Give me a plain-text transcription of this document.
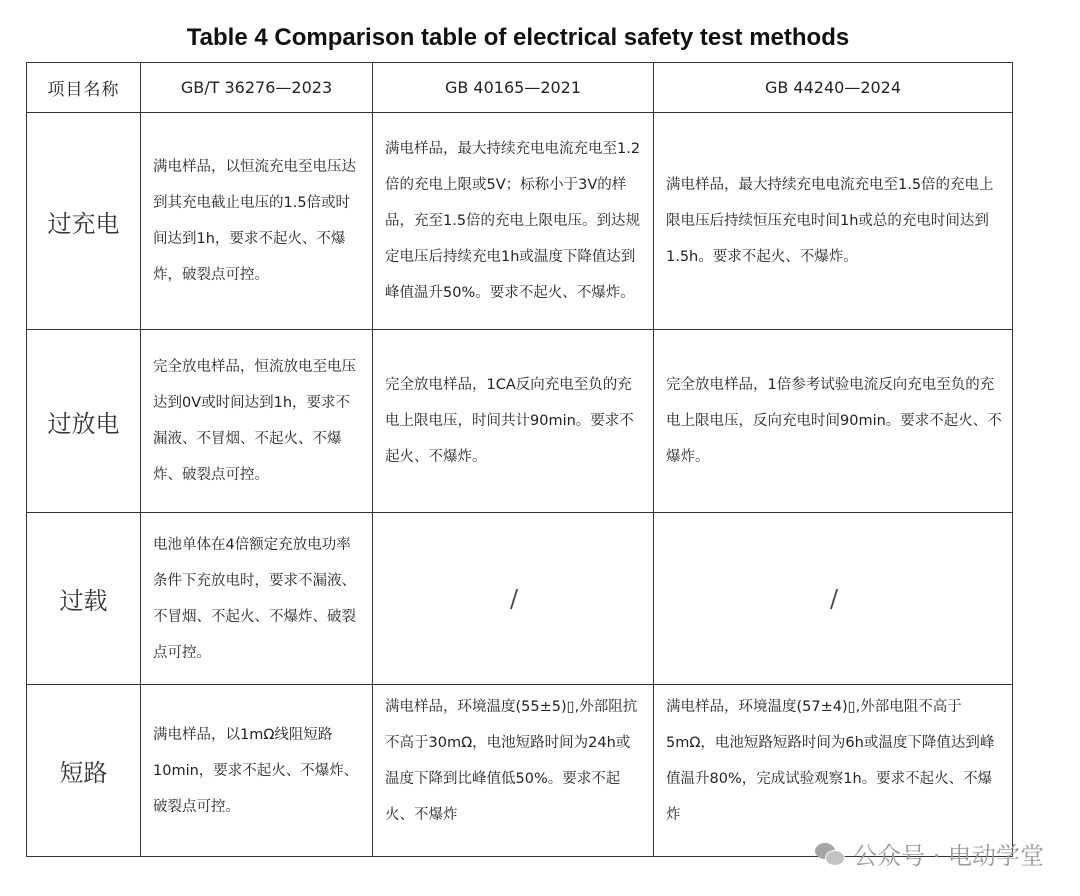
Table 4 Comparison table of electrical safety test methods
项目名称	GB/T 36276—2023	GB 40165—2021	GB 44240—2024
过充电	满电样品，以恒流充电至电压达到其充电截止电压的1.5倍或时间达到1h，要求不起火、不爆炸，破裂点可控。	满电样品，最大持续充电电流充电至1.2倍的充电上限或5V；标称小于3V的样品，充至1.5倍的充电上限电压。到达规定电压后持续充电1h或温度下降值达到峰值温升50%。要求不起火、不爆炸。	满电样品，最大持续充电电流充电至1.5倍的充电上限电压后持续恒压充电时间1h或总的充电时间达到1.5h。要求不起火、不爆炸。
过放电	完全放电样品，恒流放电至电压达到0V或时间达到1h，要求不漏液、不冒烟、不起火、不爆炸、破裂点可控。	完全放电样品，1CA反向充电至负的充电上限电压，时间共计90min。要求不起火、不爆炸。	完全放电样品，1倍参考试验电流反向充电至负的充电上限电压，反向充电时间90min。要求不起火、不爆炸。
过载	电池单体在4倍额定充放电功率条件下充放电时，要求不漏液、不冒烟、不起火、不爆炸、破裂点可控。	/	/
短路	满电样品，以1mΩ线阻短路10min，要求不起火、不爆炸、破裂点可控。	满电样品，环境温度(55±5)▯,外部阻抗不高于30mΩ，电池短路时间为24h或温度下降到比峰值低50%。要求不起火、不爆炸	满电样品，环境温度(57±4)▯,外部电阻不高于5mΩ，电池短路短路时间为6h或温度下降值达到峰值温升80%，完成试验观察1h。要求不起火、不爆炸
公众号 · 电动学堂
